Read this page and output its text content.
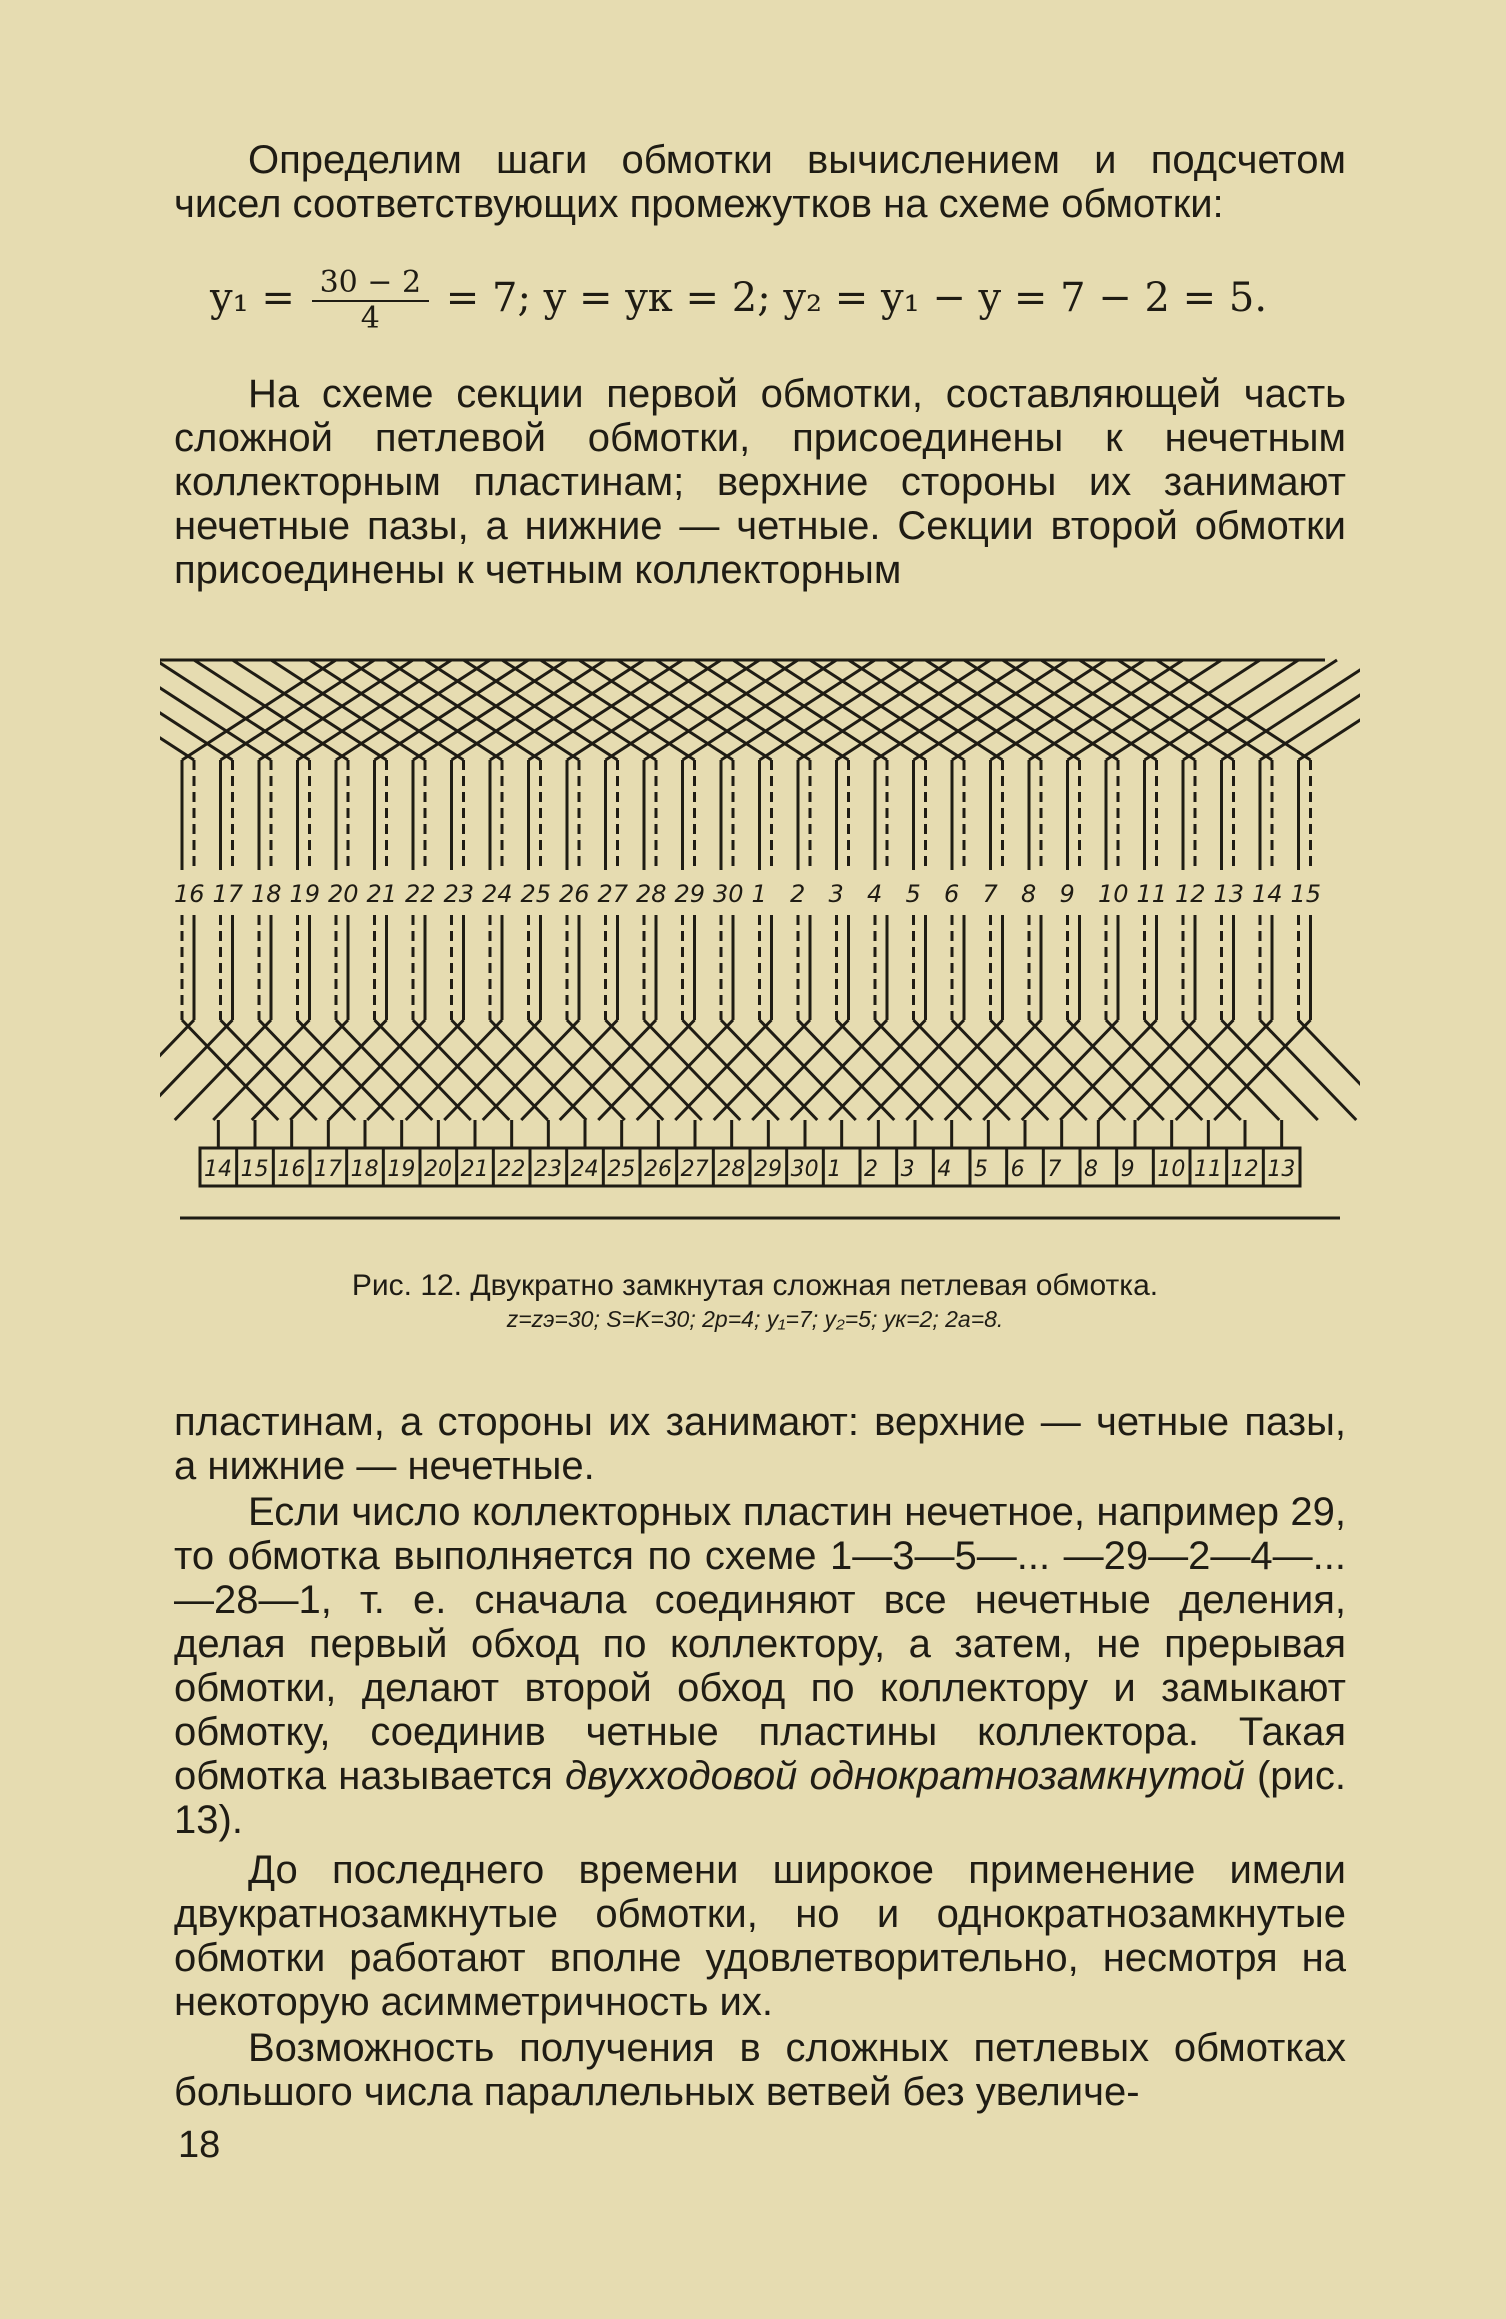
Определим шаги обмотки вычислением и подсчетом чисел соответствующих промежутков на схеме обмотки:

$y_1 = \frac{30 - 2}{4} = 7$; y = yк = 2; y₂ = y₁ − y = 7 − 2 = 5.

На схеме секции первой обмотки, составляющей часть сложной петлевой обмотки, присоединены к нечетным коллекторным пластинам; верхние стороны их занимают нечетные пазы, а нижние — четные. Секции второй обмотки присоединены к четным коллекторным

16 17 18 19 20 21 22 23 24 25 26 27 28 29 30 1 2 3 4 5 6 7 8 9 10 11 12 13 14 15
14 15 16 17 18 19 20 21 22 23 24 25 26 27 28 29 30 1 2 3 4 5 6 7 8 9 10 11 12 13
Рис. 12. Двукратно замкнутая сложная петлевая обмотка.
z=zэ=30; S=K=30; 2p=4; y₁=7; y₂=5; yк=2; 2a=8.

пластинам, а стороны их занимают: верхние — четные пазы, а нижние — нечетные.

Если число коллекторных пластин нечетное, например 29, то обмотка выполняется по схеме 1—3—5—... —29—2—4—...—28—1, т. е. сначала соединяют все нечетные деления, делая первый обход по коллектору, а затем, не прерывая обмотки, делают второй обход по коллектору и замыкают обмотку, соединив четные пластины коллектора. Такая обмотка называется двухходовой однократнозамкнутой (рис. 13).

До последнего времени широкое применение имели двукратнозамкнутые обмотки, но и однократнозамкнутые обмотки работают вполне удовлетворительно, несмотря на некоторую асимметричность их.

Возможность получения в сложных петлевых обмотках большого числа параллельных ветвей без увеличе-

18
